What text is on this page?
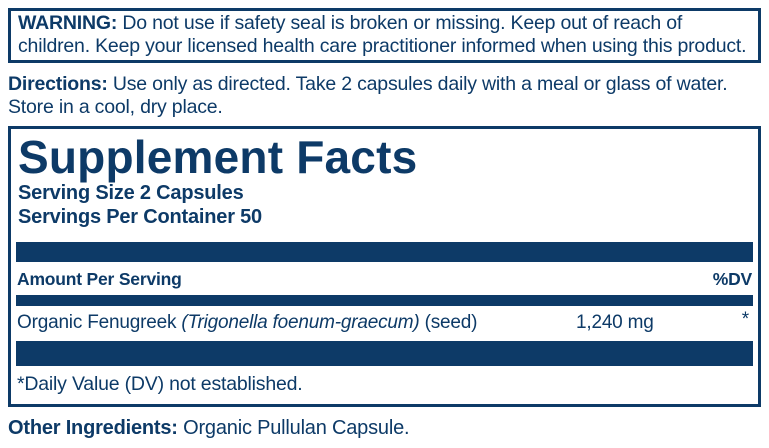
WARNING: Do not use if safety seal is broken or missing. Keep out of reach of children. Keep your licensed health care practitioner informed when using this product.
Directions: Use only as directed. Take 2 capsules daily with a meal or glass of water. Store in a cool, dry place.
Supplement Facts
Serving Size 2 Capsules
Servings Per Container 50
Amount Per Serving	%DV
Organic Fenugreek (Trigonella foenum-graecum) (seed)	1,240 mg	*
*Daily Value (DV) not established.
Other Ingredients: Organic Pullulan Capsule.
